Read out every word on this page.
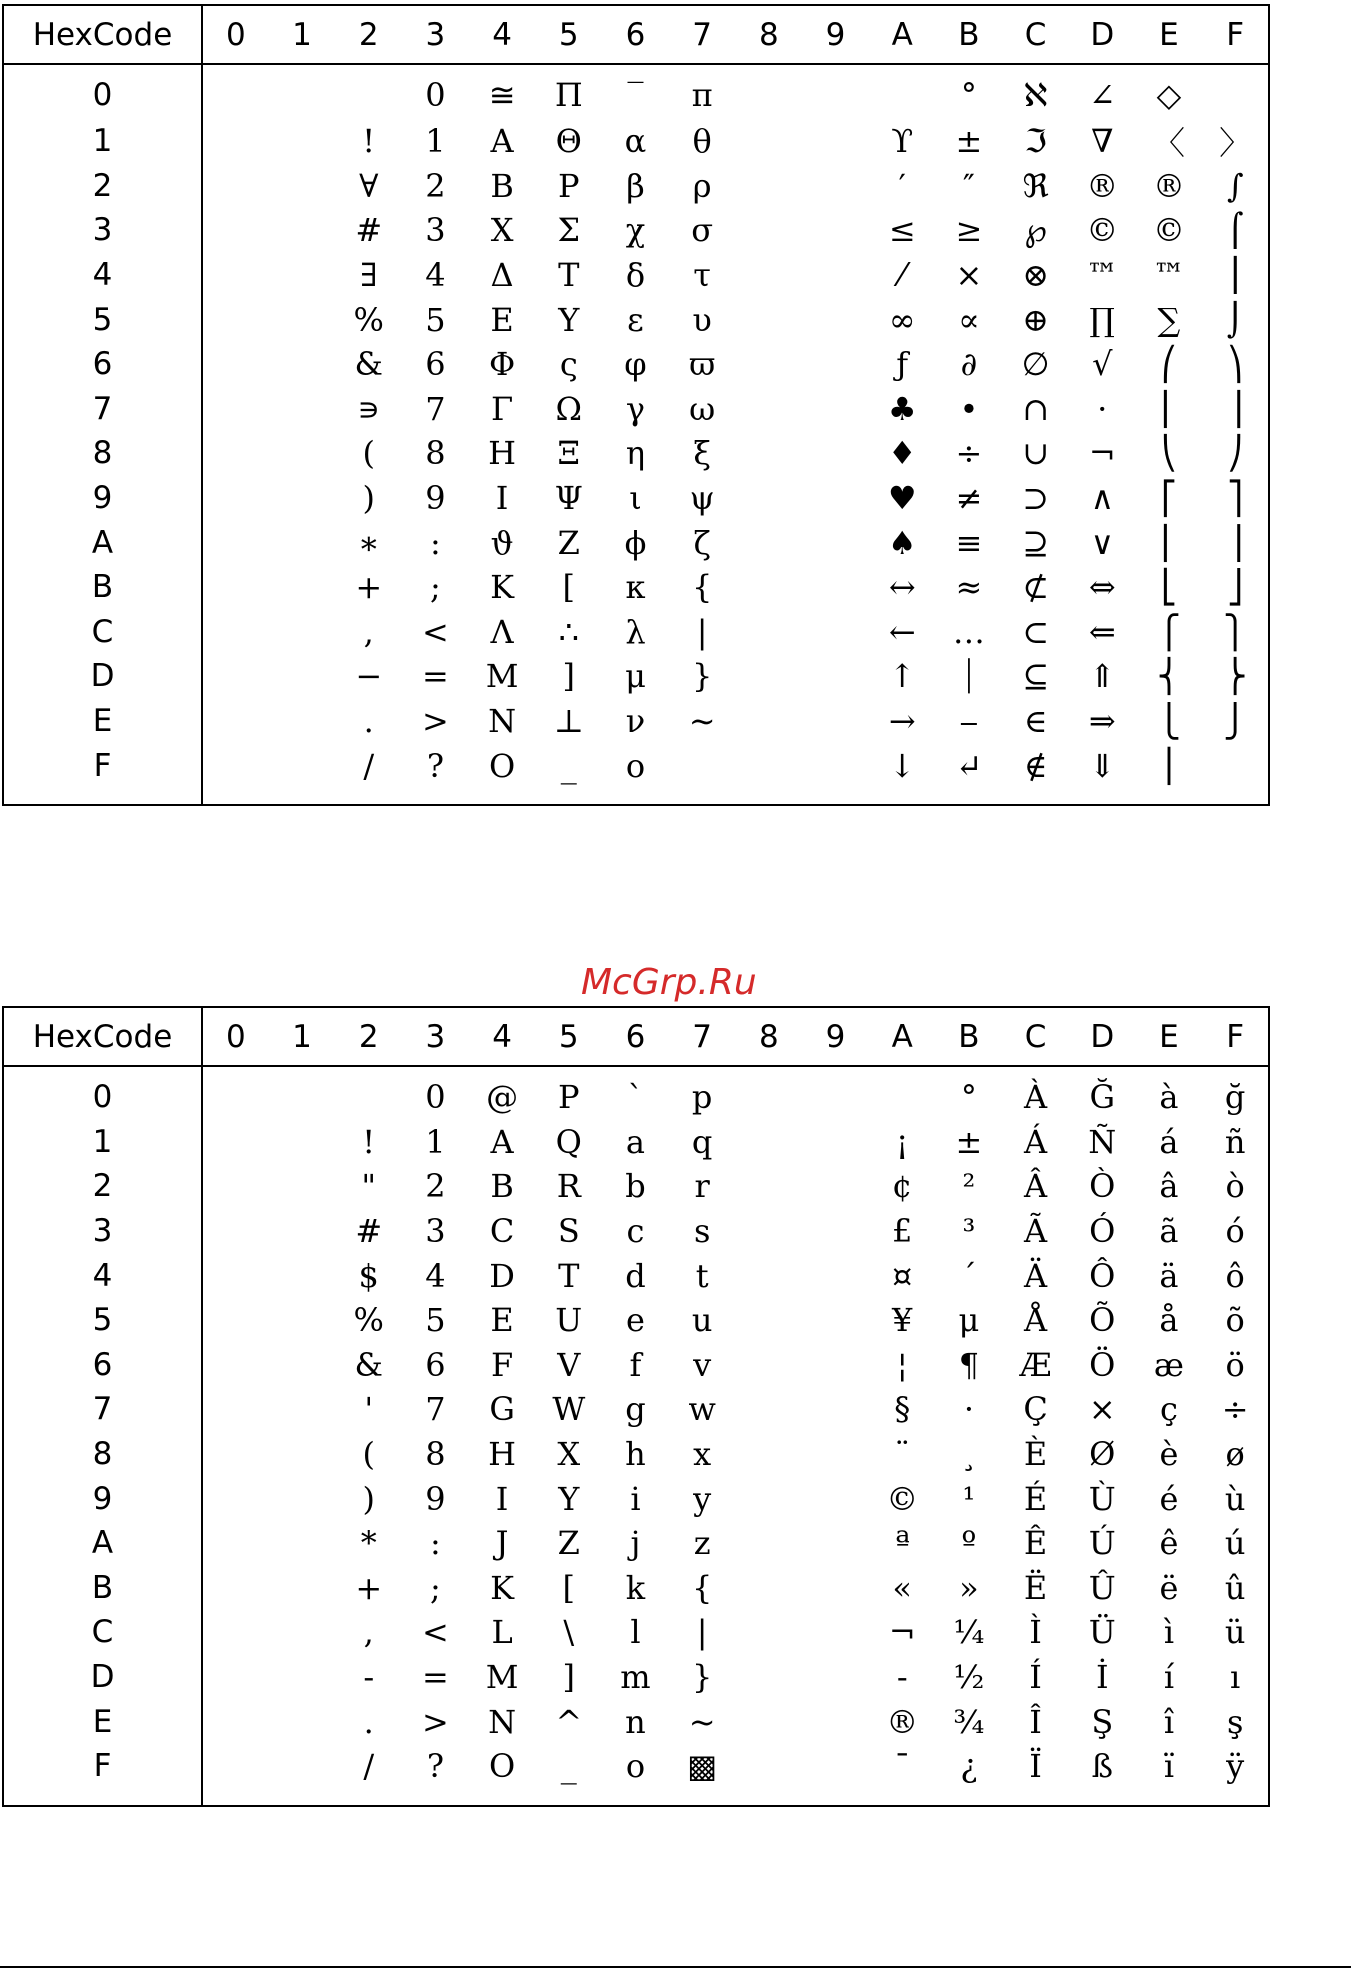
HexCode	0	1	2	3	4	5	6	7	8	9	A	B	C	D	E	F

0				0	≅	Π	‾	π				°	ℵ	∠	◇	
1			!	1	Α	Θ	α	θ			ϒ	±	ℑ	∇	〈	〉
2			∀	2	Β	Ρ	β	ρ			′	″	ℜ	®	®	∫
3			#	3	Χ	Σ	χ	σ			≤	≥	℘	©	©	⌠
4			∃	4	Δ	Τ	δ	τ			⁄	×	⊗	™	™	⎮
5			%	5	Ε	Υ	ε	υ			∞	∝	⊕	∏	∑	⌡
6			&	6	Φ	ς	φ	ϖ			ƒ	∂	∅	√	⎛	⎞
7			∍	7	Γ	Ω	γ	ω			♣	•	∩	⋅	⎜	⎟
8			(	8	Η	Ξ	η	ξ			♦	÷	∪	¬	⎝	⎠
9			)	9	Ι	Ψ	ι	ψ			♥	≠	⊃	∧	⎡	⎤
A			∗	:	ϑ	Ζ	ϕ	ζ			♠	≡	⊇	∨	⎢	⎥
B			+	;	Κ	[	κ	{			↔	≈	⊄	⇔	⎣	⎦
C			,	<	Λ	∴	λ	|			←	…	⊂	⇐	⎧	⎫
D			−	=	Μ	]	μ	}			↑	⏐	⊆	⇑	⎨	⎬
E			.	>	Ν	⊥	ν	∼			→	⎯	∈	⇒	⎩	⎭
F			/	?	Ο	_	ο				↓	↵	∉	⇓	⎪	

McGrp.Ru
HexCode	0	1	2	3	4	5	6	7	8	9	A	B	C	D	E	F

0				0	@	P	`	p				°	À	Ğ	à	ğ
1			!	1	A	Q	a	q			¡	±	Á	Ñ	á	ñ
2			"	2	B	R	b	r			¢	²	Â	Ò	â	ò
3			#	3	C	S	c	s			£	³	Ã	Ó	ã	ó
4			$	4	D	T	d	t			¤	´	Ä	Ô	ä	ô
5			%	5	E	U	e	u			¥	μ	Å	Õ	å	õ
6			&	6	F	V	f	v			¦	¶	Æ	Ö	æ	ö
7			'	7	G	W	g	w			§	·	Ç	×	ç	÷
8			(	8	H	X	h	x			¨	¸	È	Ø	è	ø
9			)	9	I	Y	i	y			©	¹	É	Ù	é	ù
A			*	:	J	Z	j	z			ª	º	Ê	Ú	ê	ú
B			+	;	K	[	k	{			«	»	Ë	Û	ë	û
C			,	<	L	\	l	|			¬	¼	Ì	Ü	ì	ü
D			-	=	M	]	m	}			-	½	Í	İ	í	ı
E			.	>	N	^	n	~			®	¾	Î	Ş	î	ş
F			/	?	O	_	o	▩			¯	¿	Ï	ß	ï	ÿ
